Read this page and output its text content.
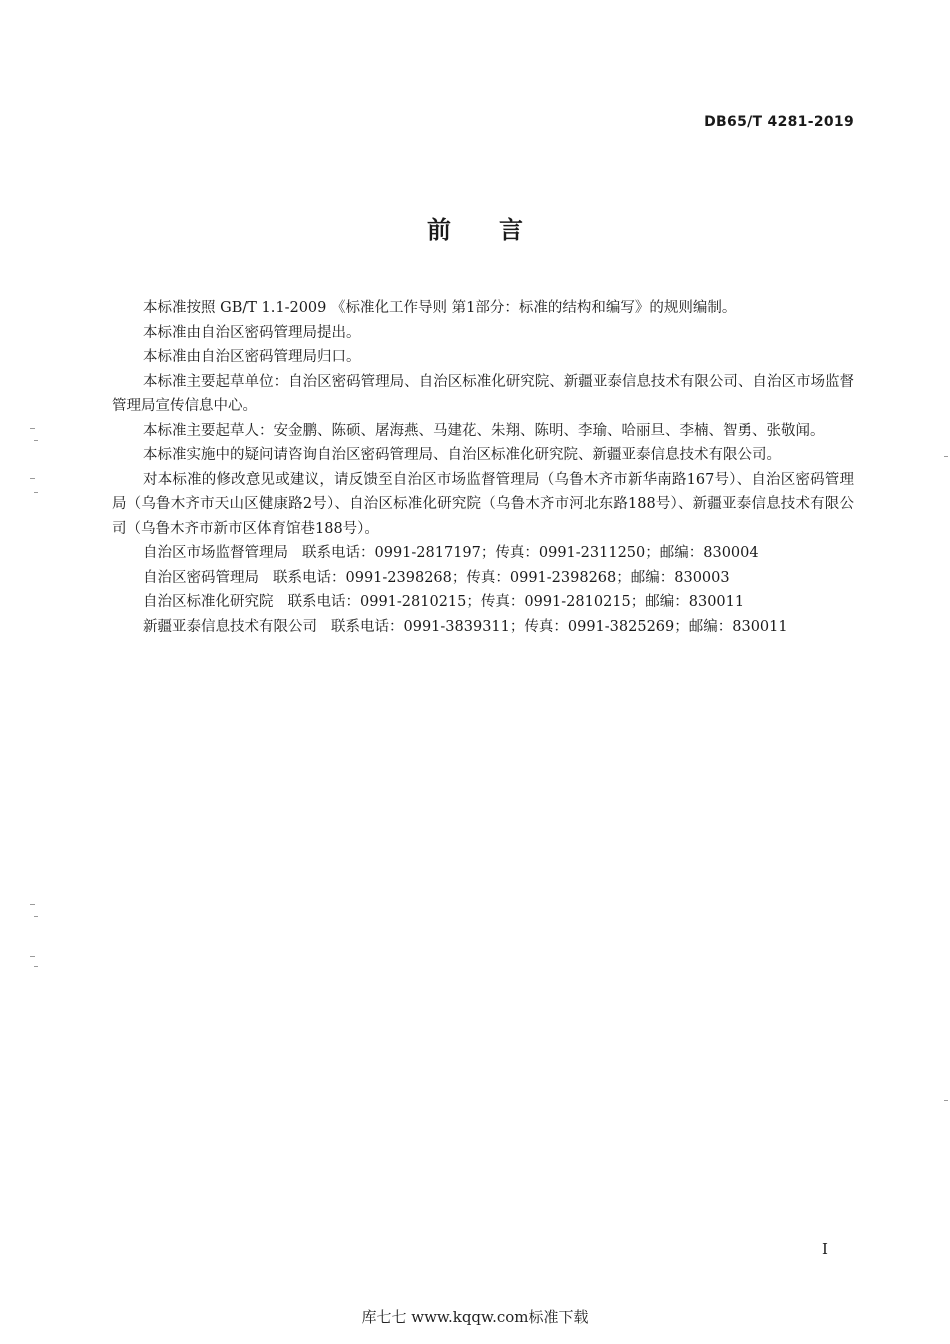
DB65/T 4281-2019
前言

本标准按照 GB/T 1.1-2009 《标准化工作导则 第1部分：标准的结构和编写》的规则编制。

本标准由自治区密码管理局提出。

本标准由自治区密码管理局归口。

本标准主要起草单位：自治区密码管理局、自治区标准化研究院、新疆亚泰信息技术有限公司、自治区市场监督管理局宣传信息中心。

本标准主要起草人：安金鹏、陈硕、屠海燕、马建花、朱翔、陈明、李瑜、哈丽旦、李楠、智勇、张敬闻。

本标准实施中的疑问请咨询自治区密码管理局、自治区标准化研究院、新疆亚泰信息技术有限公司。

对本标准的修改意见或建议，请反馈至自治区市场监督管理局（乌鲁木齐市新华南路167号）、自治区密码管理局（乌鲁木齐市天山区健康路2号）、自治区标准化研究院（乌鲁木齐市河北东路188号）、新疆亚泰信息技术有限公司（乌鲁木齐市新市区体育馆巷188号）。

自治区市场监督管理局 联系电话：0991-2817197；传真：0991-2311250；邮编：830004

自治区密码管理局 联系电话：0991-2398268；传真：0991-2398268；邮编：830003

自治区标准化研究院 联系电话：0991-2810215；传真：0991-2810215；邮编：830011

新疆亚泰信息技术有限公司 联系电话：0991-3839311；传真：0991-3825269；邮编：830011

I
库七七 www.kqqw.com标准下载
